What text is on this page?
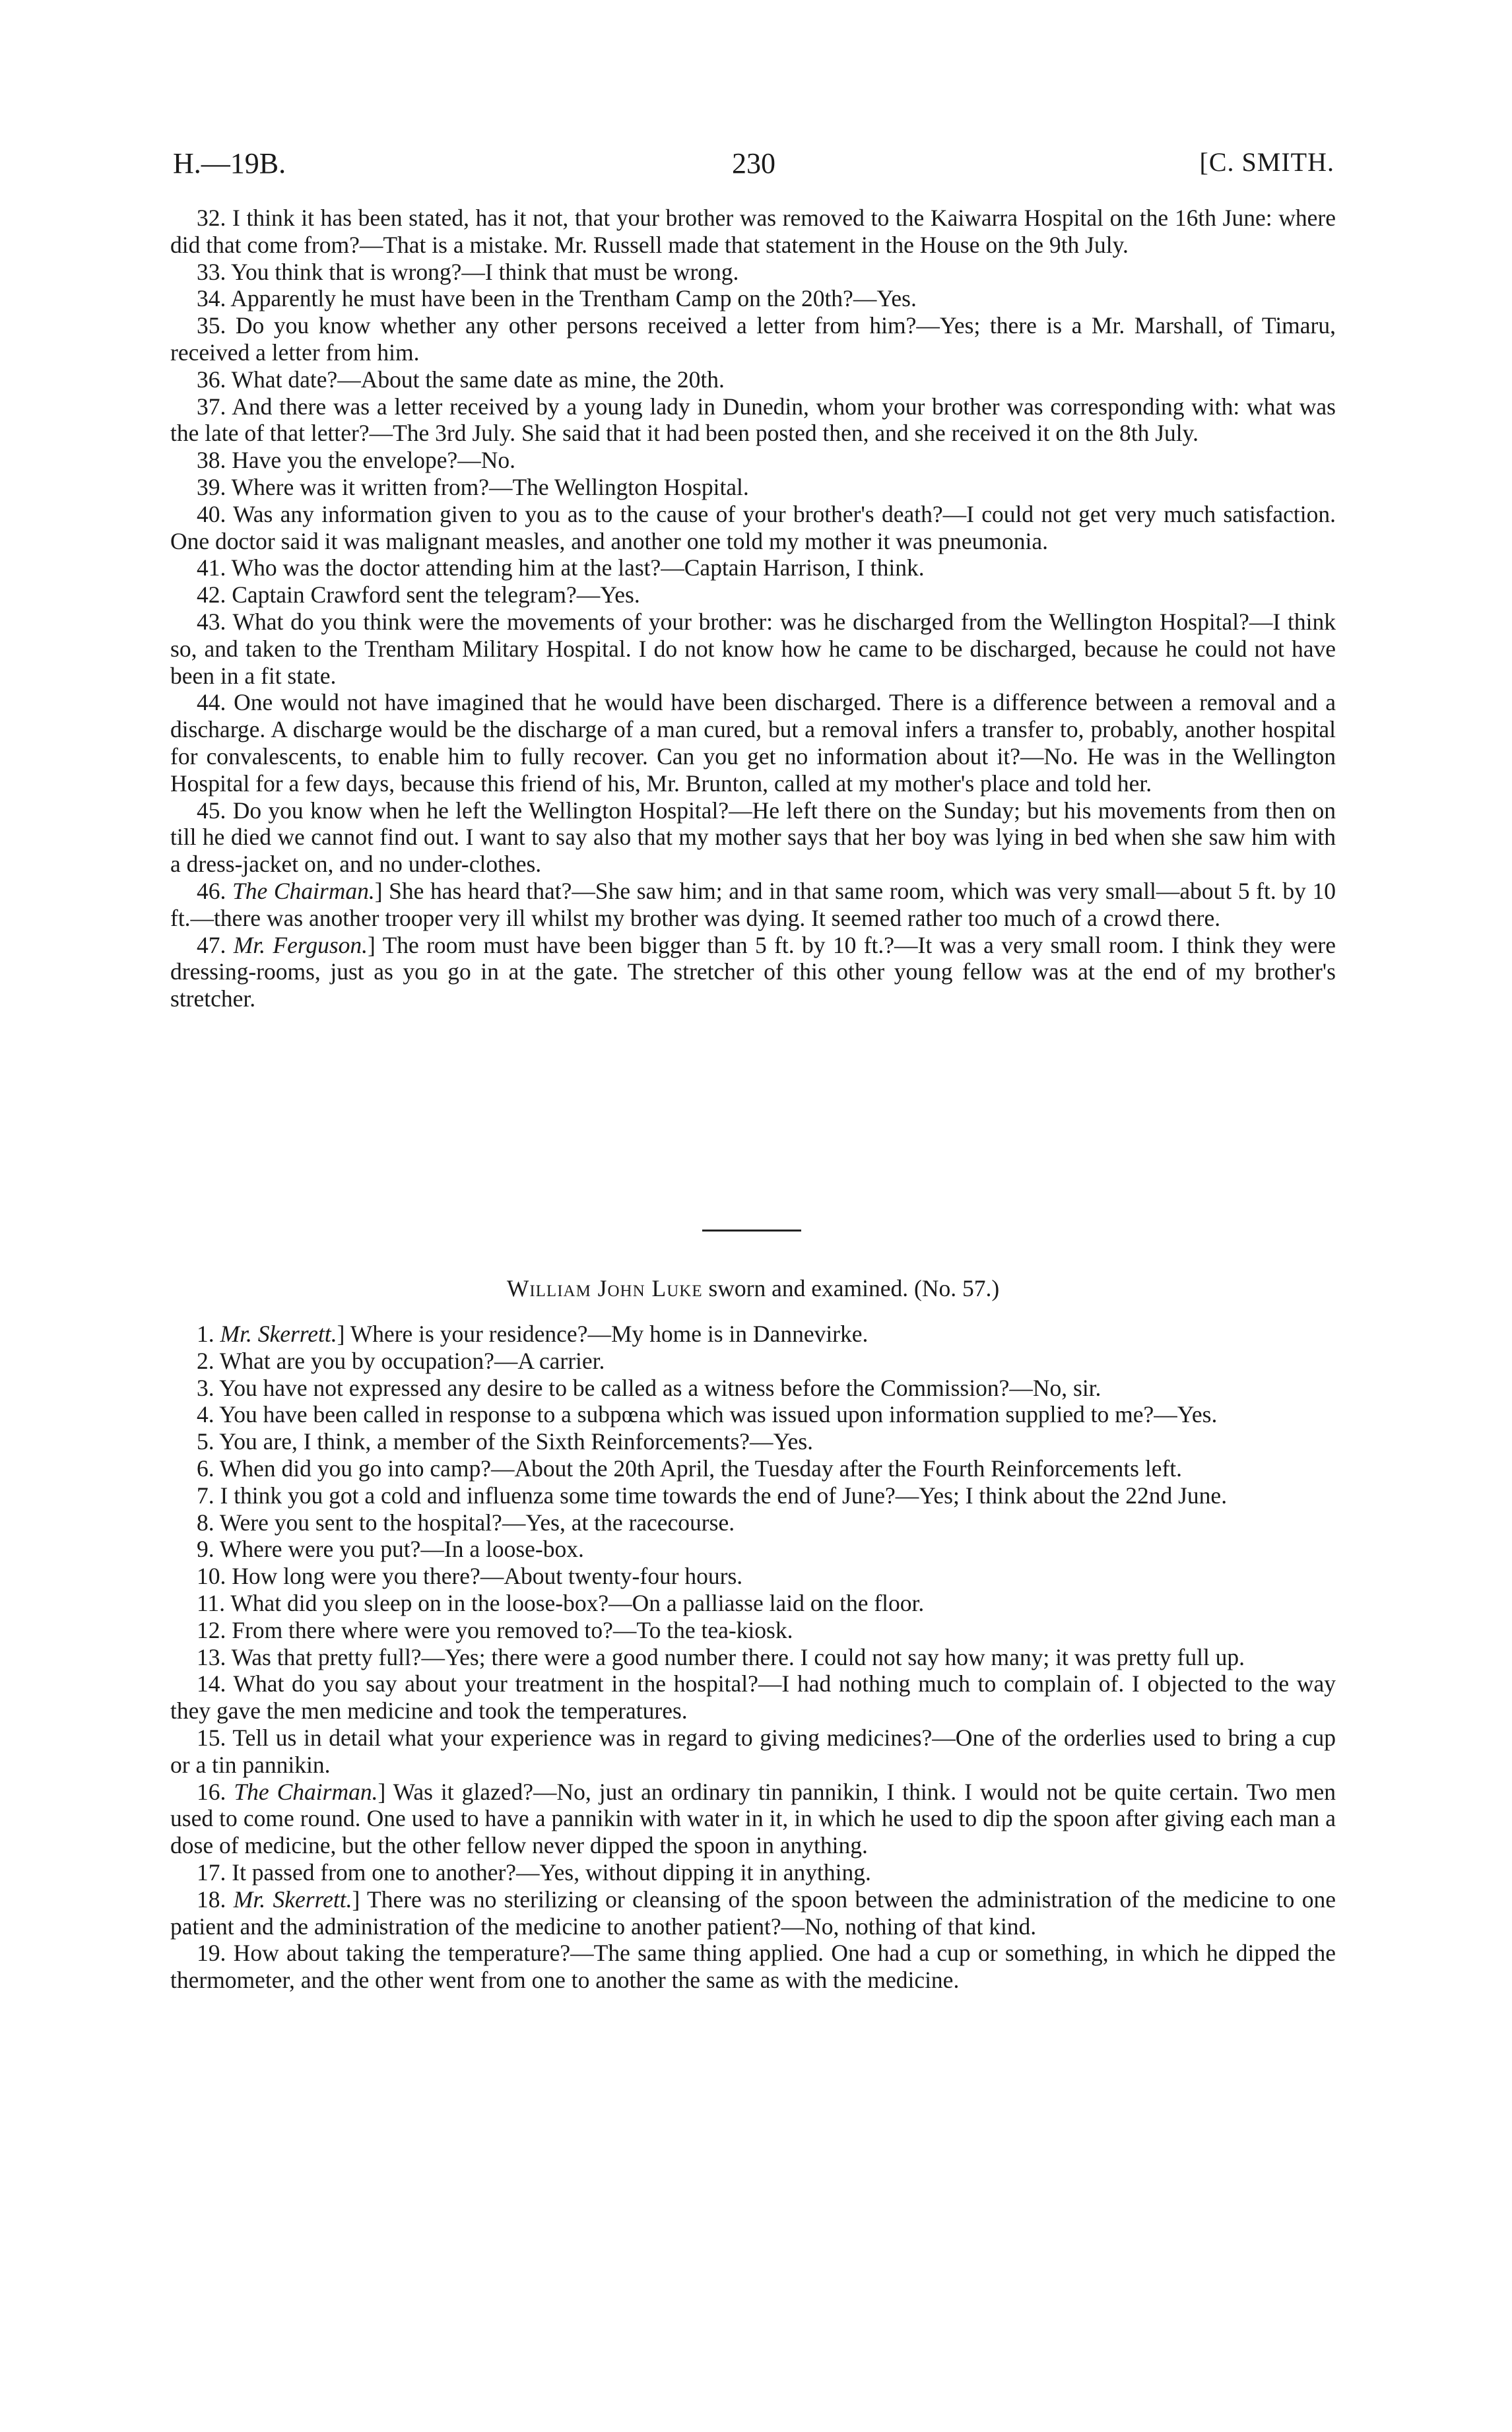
H.—19B.	230	[C. SMITH.

32. I think it has been stated, has it not, that your brother was removed to the Kaiwarra Hospital on the 16th June: where did that come from?—That is a mistake. Mr. Russell made that statement in the House on the 9th July.

33. You think that is wrong?—I think that must be wrong.

34. Apparently he must have been in the Trentham Camp on the 20th?—Yes.

35. Do you know whether any other persons received a letter from him?—Yes; there is a Mr. Marshall, of Timaru, received a letter from him.

36. What date?—About the same date as mine, the 20th.

37. And there was a letter received by a young lady in Dunedin, whom your brother was corresponding with: what was the late of that letter?—The 3rd July. She said that it had been posted then, and she received it on the 8th July.

38. Have you the envelope?—No.

39. Where was it written from?—The Wellington Hospital.

40. Was any information given to you as to the cause of your brother's death?—I could not get very much satisfaction. One doctor said it was malignant measles, and another one told my mother it was pneumonia.

41. Who was the doctor attending him at the last?—Captain Harrison, I think.

42. Captain Crawford sent the telegram?—Yes.

43. What do you think were the movements of your brother: was he discharged from the Wellington Hospital?—I think so, and taken to the Trentham Military Hospital. I do not know how he came to be discharged, because he could not have been in a fit state.

44. One would not have imagined that he would have been discharged. There is a difference between a removal and a discharge. A discharge would be the discharge of a man cured, but a removal infers a transfer to, probably, another hospital for convalescents, to enable him to fully recover. Can you get no information about it?—No. He was in the Wellington Hospital for a few days, because this friend of his, Mr. Brunton, called at my mother's place and told her.

45. Do you know when he left the Wellington Hospital?—He left there on the Sunday; but his movements from then on till he died we cannot find out. I want to say also that my mother says that her boy was lying in bed when she saw him with a dress-jacket on, and no under-clothes.

46. The Chairman.] She has heard that?—She saw him; and in that same room, which was very small—about 5 ft. by 10 ft.—there was another trooper very ill whilst my brother was dying. It seemed rather too much of a crowd there.

47. Mr. Ferguson.] The room must have been bigger than 5 ft. by 10 ft.?—It was a very small room. I think they were dressing-rooms, just as you go in at the gate. The stretcher of this other young fellow was at the end of my brother's stretcher.

William John Luke sworn and examined. (No. 57.)

1. Mr. Skerrett.] Where is your residence?—My home is in Dannevirke.

2. What are you by occupation?—A carrier.

3. You have not expressed any desire to be called as a witness before the Commission?—No, sir.

4. You have been called in response to a subpœna which was issued upon information supplied to me?—Yes.

5. You are, I think, a member of the Sixth Reinforcements?—Yes.

6. When did you go into camp?—About the 20th April, the Tuesday after the Fourth Reinforcements left.

7. I think you got a cold and influenza some time towards the end of June?—Yes; I think about the 22nd June.

8. Were you sent to the hospital?—Yes, at the racecourse.

9. Where were you put?—In a loose-box.

10. How long were you there?—About twenty-four hours.

11. What did you sleep on in the loose-box?—On a palliasse laid on the floor.

12. From there where were you removed to?—To the tea-kiosk.

13. Was that pretty full?—Yes; there were a good number there. I could not say how many; it was pretty full up.

14. What do you say about your treatment in the hospital?—I had nothing much to complain of. I objected to the way they gave the men medicine and took the temperatures.

15. Tell us in detail what your experience was in regard to giving medicines?—One of the orderlies used to bring a cup or a tin pannikin.

16. The Chairman.] Was it glazed?—No, just an ordinary tin pannikin, I think. I would not be quite certain. Two men used to come round. One used to have a pannikin with water in it, in which he used to dip the spoon after giving each man a dose of medicine, but the other fellow never dipped the spoon in anything.

17. It passed from one to another?—Yes, without dipping it in anything.

18. Mr. Skerrett.] There was no sterilizing or cleansing of the spoon between the administration of the medicine to one patient and the administration of the medicine to another patient?—No, nothing of that kind.

19. How about taking the temperature?—The same thing applied. One had a cup or something, in which he dipped the thermometer, and the other went from one to another the same as with the medicine.
